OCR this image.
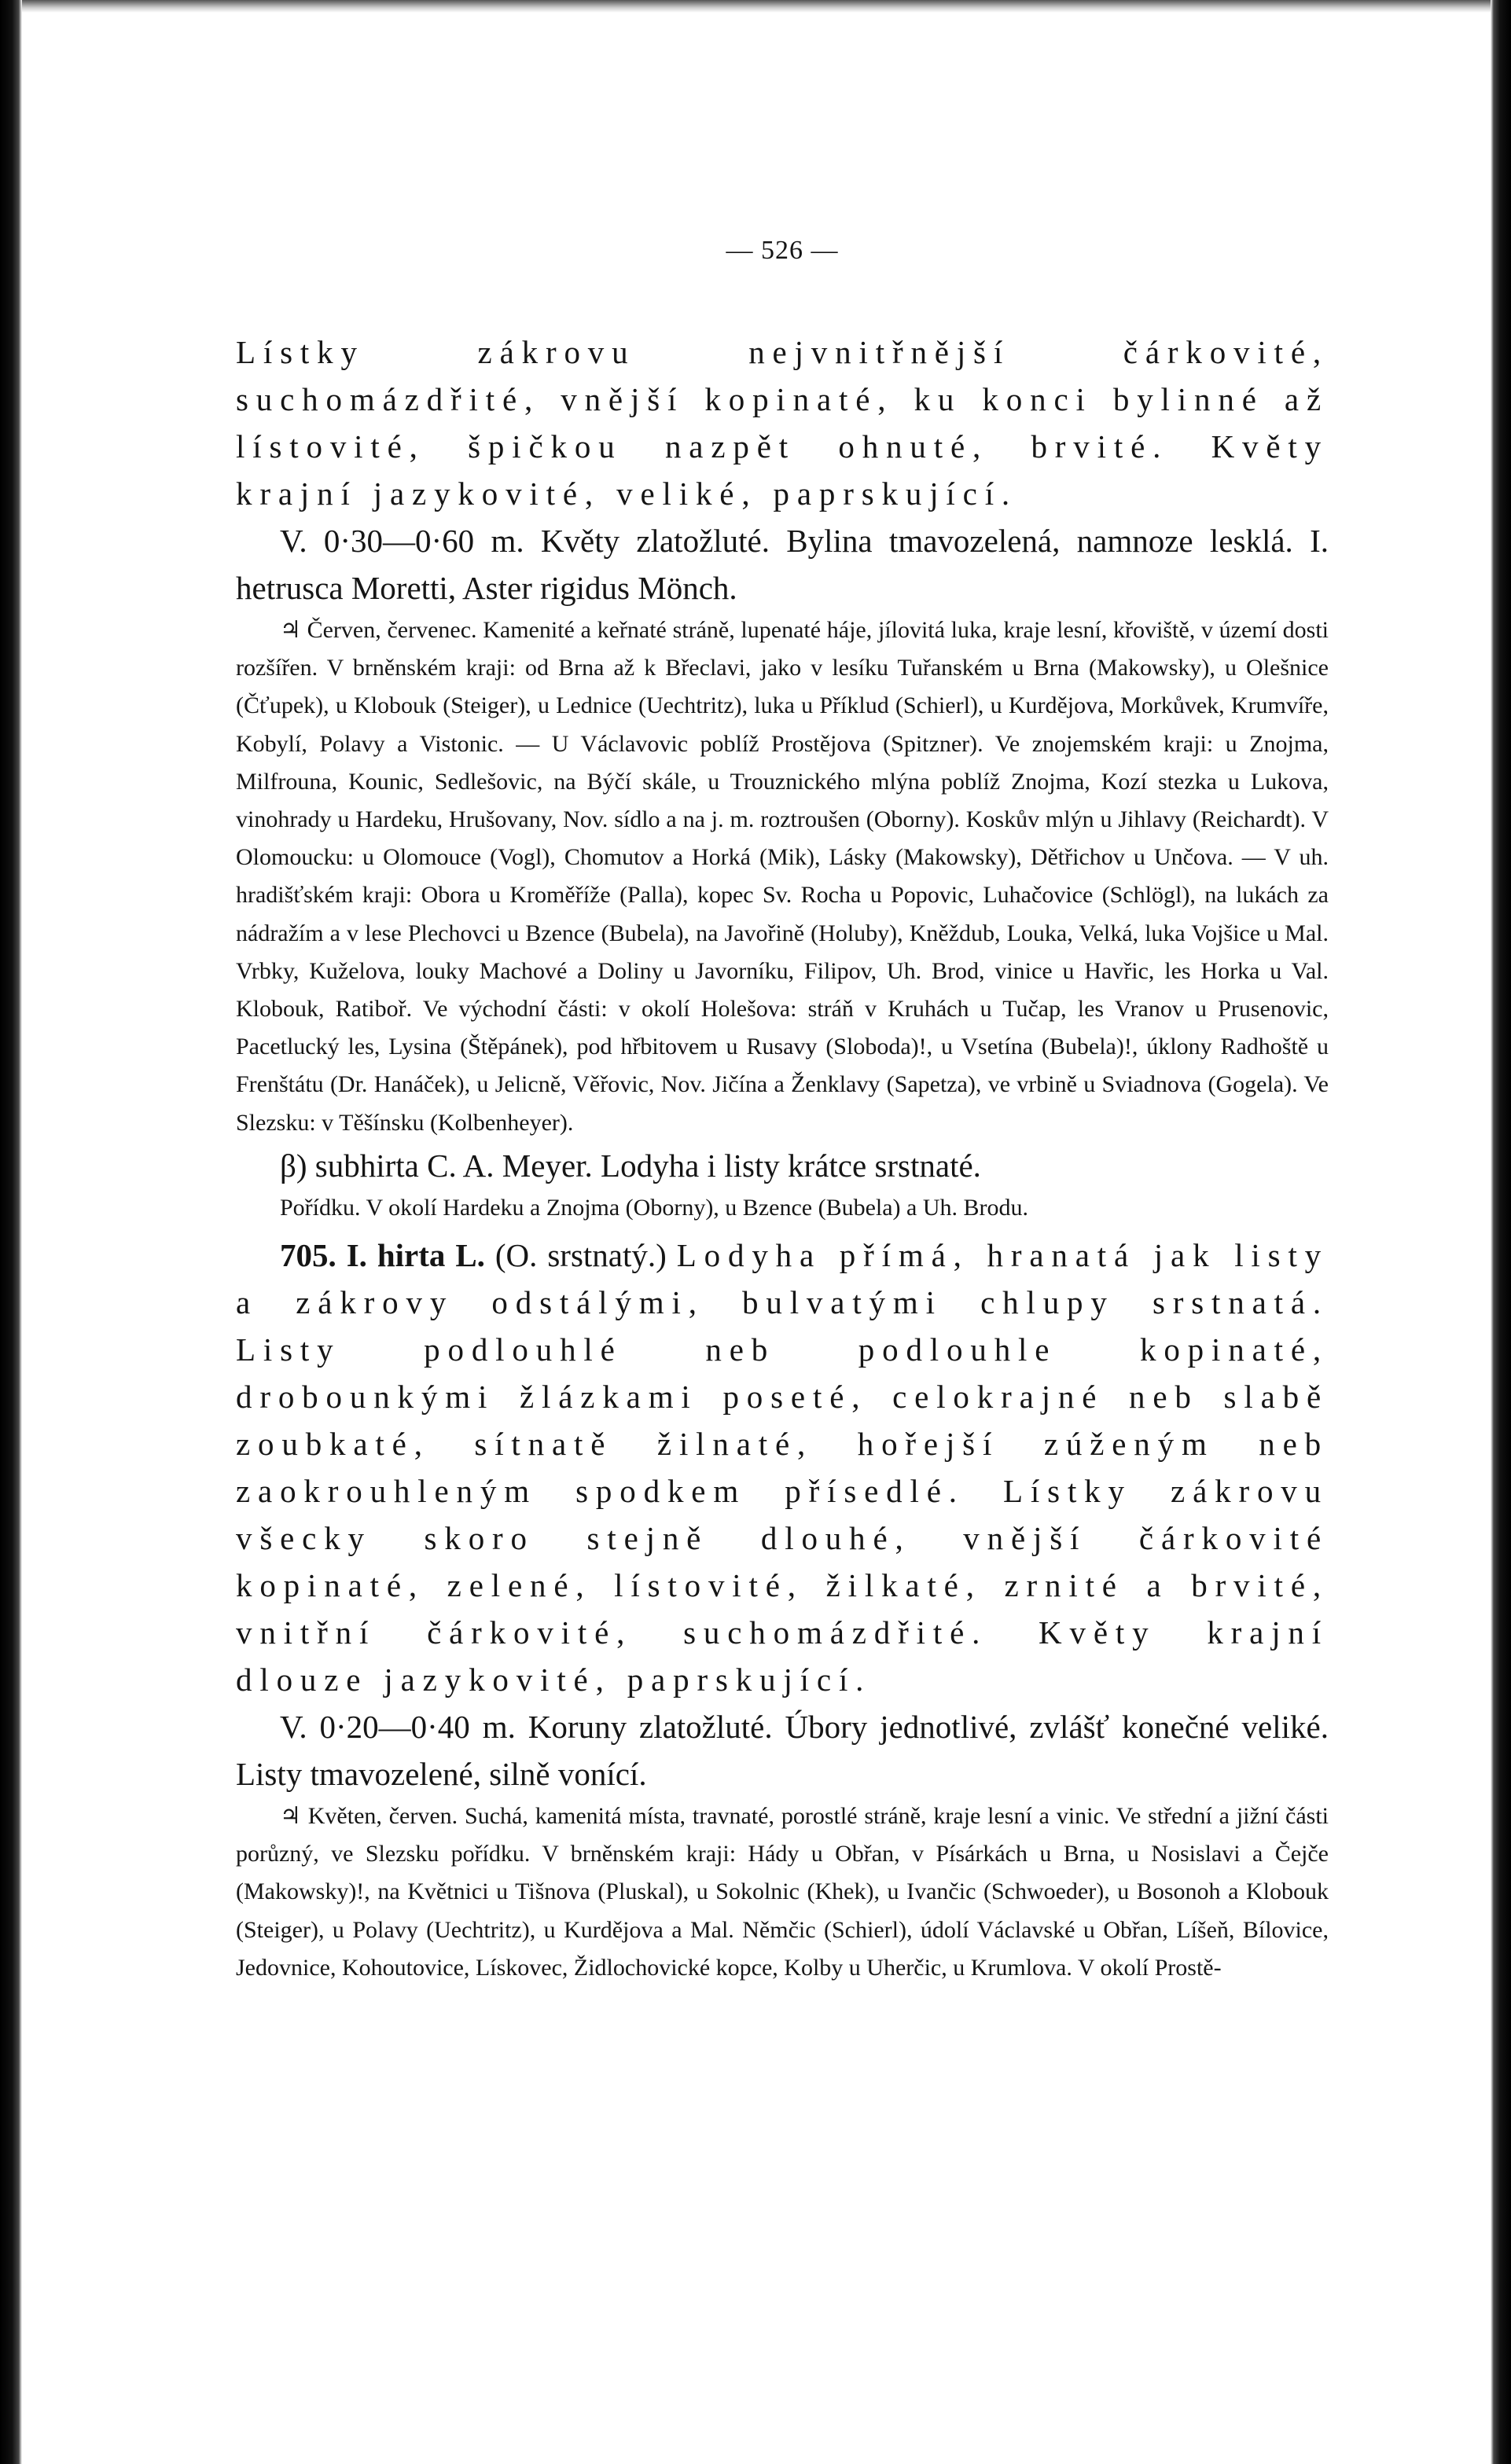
— 526 —

Lístky zákrovu nejvnitřnější čárkovité, suchomázdřité, vnější kopinaté, ku konci bylinné až lístovité, špičkou nazpět ohnuté, brvité. Květy krajní jazykovité, veliké, paprskující.

V. 0·30—0·60 m. Květy zlatožluté. Bylina tmavozelená, namnoze lesklá. I. hetrusca Moretti, Aster rigidus Mönch.

♃ Červen, červenec. Kamenité a keřnaté stráně, lupenaté háje, jílovitá luka, kraje lesní, křoviště, v území dosti rozšířen. V brněnském kraji: od Brna až k Břeclavi, jako v lesíku Tuřanském u Brna (Makowsky), u Olešnice (Čťupek), u Klobouk (Steiger), u Lednice (Uechtritz), luka u Příklud (Schierl), u Kurdějova, Morkůvek, Krumvíře, Kobylí, Polavy a Vistonic. — U Václavovic poblíž Prostějova (Spitzner). Ve znojemském kraji: u Znojma, Milfrouna, Kounic, Sedlešovic, na Býčí skále, u Trouznického mlýna poblíž Znojma, Kozí stezka u Lukova, vinohrady u Hardeku, Hrušovany, Nov. sídlo a na j. m. roztroušen (Oborny). Koskův mlýn u Jihlavy (Reichardt). V Olomoucku: u Olomouce (Vogl), Chomutov a Horká (Mik), Lásky (Makowsky), Dětřichov u Unčova. — V uh. hradišťském kraji: Obora u Kroměříže (Palla), kopec Sv. Rocha u Popovic, Luhačovice (Schlögl), na lukách za nádražím a v lese Plechovci u Bzence (Bubela), na Javořině (Holuby), Kněždub, Louka, Velká, luka Vojšice u Mal. Vrbky, Kuželova, louky Machové a Doliny u Javorníku, Filipov, Uh. Brod, vinice u Havřic, les Horka u Val. Klobouk, Ratiboř. Ve východní části: v okolí Holešova: stráň v Kruhách u Tučap, les Vranov u Prusenovic, Pacetlucký les, Lysina (Štěpánek), pod hřbitovem u Rusavy (Sloboda)!, u Vsetína (Bubela)!, úklony Radhoště u Frenštátu (Dr. Hanáček), u Jelicně, Věřovic, Nov. Jičína a Ženklavy (Sapetza), ve vrbině u Sviadnova (Gogela). Ve Slezsku: v Těšínsku (Kolbenheyer).

β) subhirta C. A. Meyer. Lodyha i listy krátce srstnaté.

Pořídku. V okolí Hardeku a Znojma (Oborny), u Bzence (Bubela) a Uh. Brodu.

705. I. hirta L. (O. srstnatý.) Lodyha přímá, hranatá jak listy a zákrovy odstálými, bulvatými chlupy srstnatá. Listy podlouhlé neb podlouhle kopinaté, drobounkými žlázkami poseté, celokrajné neb slabě zoubkaté, sítnatě žilnaté, hořejší zúženým neb zaokrouhleným spodkem přísedlé. Lístky zákrovu všecky skoro stejně dlouhé, vnější čárkovité kopinaté, zelené, lístovité, žilkaté, zrnité a brvité, vnitřní čárkovité, suchomázdřité. Květy krajní dlouze jazykovité, paprskující.

V. 0·20—0·40 m. Koruny zlatožluté. Úbory jednotlivé, zvlášť konečné veliké. Listy tmavozelené, silně vonící.

♃ Květen, červen. Suchá, kamenitá místa, travnaté, porostlé stráně, kraje lesní a vinic. Ve střední a jižní části porůzný, ve Slezsku pořídku. V brněnském kraji: Hády u Obřan, v Písárkách u Brna, u Nosislavi a Čejče (Makowsky)!, na Květnici u Tišnova (Pluskal), u Sokolnic (Khek), u Ivančic (Schwoeder), u Bosonoh a Klobouk (Steiger), u Polavy (Uechtritz), u Kurdějova a Mal. Němčic (Schierl), údolí Václavské u Obřan, Líšeň, Bílovice, Jedovnice, Kohoutovice, Lískovec, Židlochovické kopce, Kolby u Uherčic, u Krumlova. V okolí Prostě-
